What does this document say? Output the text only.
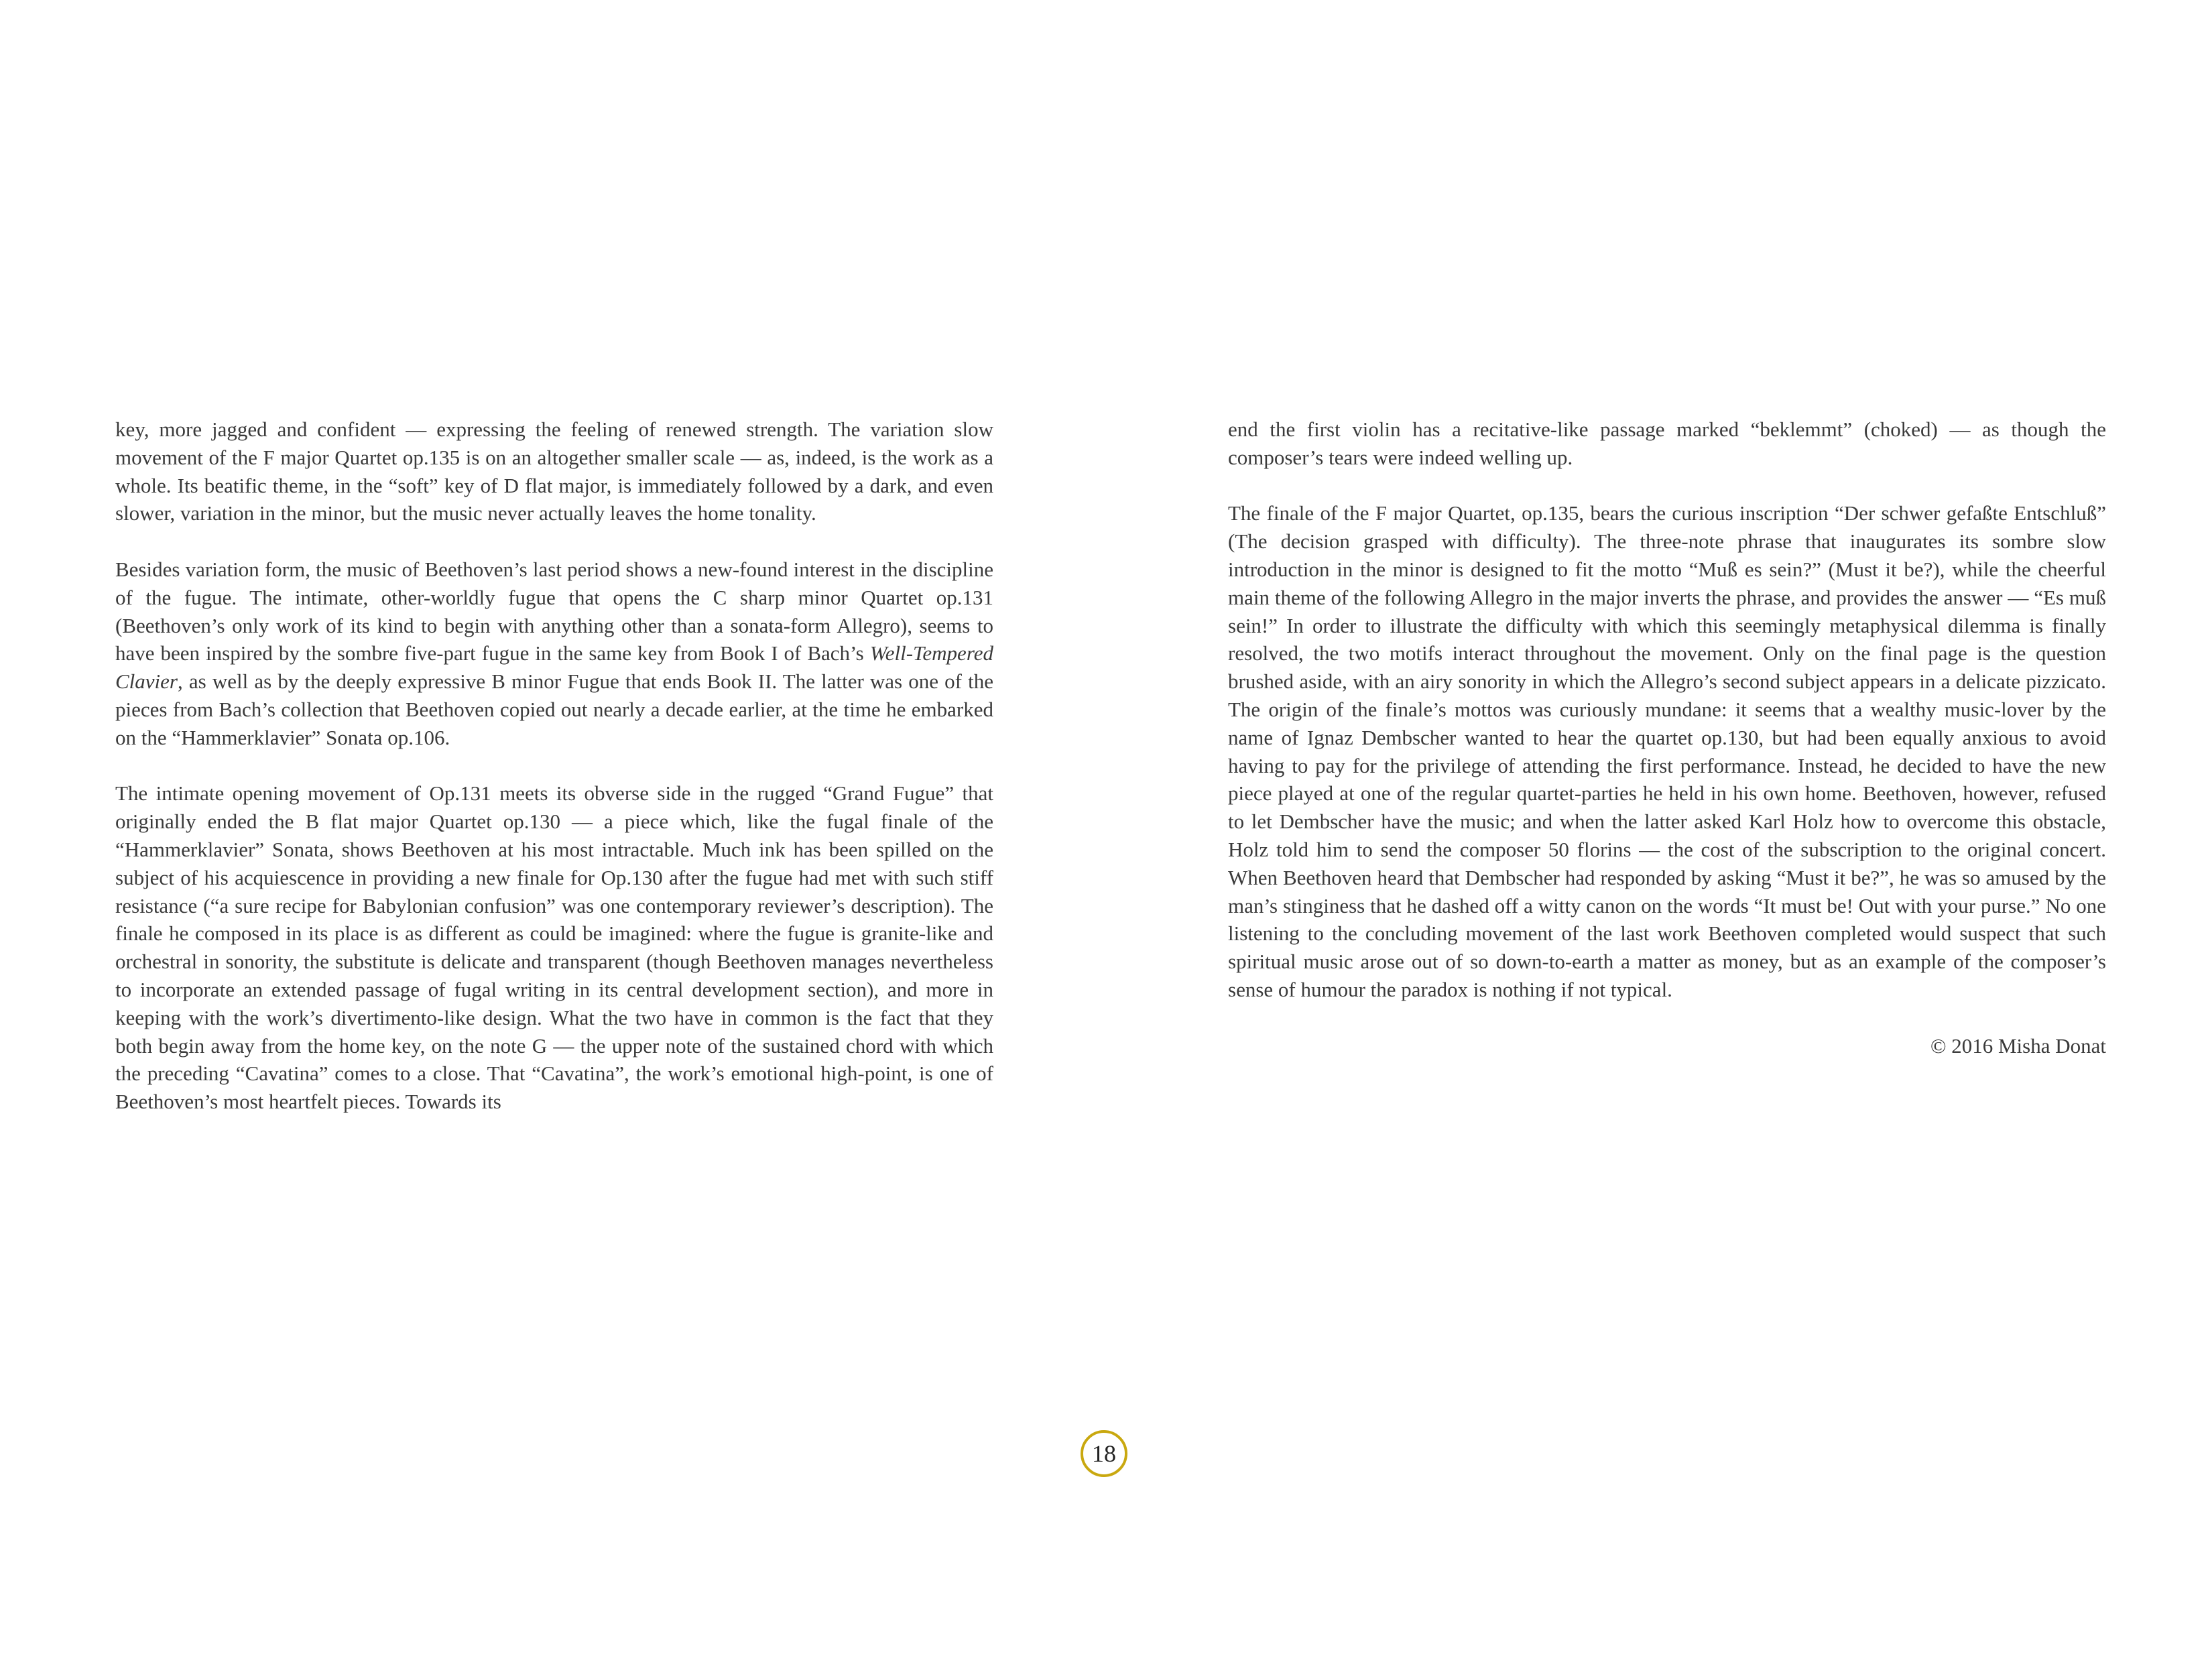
key, more jagged and confident — expressing the feeling of renewed strength. The variation slow movement of the F major Quartet op.135 is on an altogether smaller scale — as, indeed, is the work as a whole. Its beatific theme, in the “soft” key of D flat major, is immediately followed by a dark, and even slower, variation in the minor, but the music never actually leaves the home tonality.

Besides variation form, the music of Beethoven’s last period shows a new-found interest in the discipline of the fugue. The intimate, other-worldly fugue that opens the C sharp minor Quartet op.131 (Beethoven’s only work of its kind to begin with anything other than a sonata-form Allegro), seems to have been inspired by the sombre five-part fugue in the same key from Book I of Bach’s Well-Tempered Clavier, as well as by the deeply expressive B minor Fugue that ends Book II. The latter was one of the pieces from Bach’s collection that Beethoven copied out nearly a decade earlier, at the time he embarked on the “Hammerklavier” Sonata op.106.

The intimate opening movement of Op.131 meets its obverse side in the rugged “Grand Fugue” that originally ended the B flat major Quartet op.130 — a piece which, like the fugal finale of the “Hammerklavier” Sonata, shows Beethoven at his most intractable. Much ink has been spilled on the subject of his acquiescence in providing a new finale for Op.130 after the fugue had met with such stiff resistance (“a sure recipe for Babylonian confusion” was one contemporary reviewer’s description). The finale he composed in its place is as different as could be imagined: where the fugue is granite-like and orchestral in sonority, the substitute is delicate and transparent (though Beethoven manages nevertheless to incorporate an extended passage of fugal writing in its central development section), and more in keeping with the work’s divertimento-like design. What the two have in common is the fact that they both begin away from the home key, on the note G — the upper note of the sustained chord with which the preceding “Cavatina” comes to a close. That “Cavatina”, the work’s emotional high-point, is one of Beethoven’s most heartfelt pieces. Towards its

end the first violin has a recitative-like passage marked “beklemmt” (choked) — as though the composer’s tears were indeed welling up.

The finale of the F major Quartet, op.135, bears the curious inscription “Der schwer gefaßte Entschluß” (The decision grasped with difficulty). The three-note phrase that inaugurates its sombre slow introduction in the minor is designed to fit the motto “Muß es sein?” (Must it be?), while the cheerful main theme of the following Allegro in the major inverts the phrase, and provides the answer — “Es muß sein!” In order to illustrate the difficulty with which this seemingly metaphysical dilemma is finally resolved, the two motifs interact throughout the movement. Only on the final page is the question brushed aside, with an airy sonority in which the Allegro’s second subject appears in a delicate pizzicato. The origin of the finale’s mottos was curiously mundane: it seems that a wealthy music-lover by the name of Ignaz Dembscher wanted to hear the quartet op.130, but had been equally anxious to avoid having to pay for the privilege of attending the first performance. Instead, he decided to have the new piece played at one of the regular quartet-parties he held in his own home. Beethoven, however, refused to let Dembscher have the music; and when the latter asked Karl Holz how to overcome this obstacle, Holz told him to send the composer 50 florins — the cost of the subscription to the original concert. When Beethoven heard that Dembscher had responded by asking “Must it be?”, he was so amused by the man’s stinginess that he dashed off a witty canon on the words “It must be! Out with your purse.” No one listening to the concluding movement of the last work Beethoven completed would suspect that such spiritual music arose out of so down-to-earth a matter as money, but as an example of the composer’s sense of humour the paradox is nothing if not typical.

© 2016 Misha Donat

18
